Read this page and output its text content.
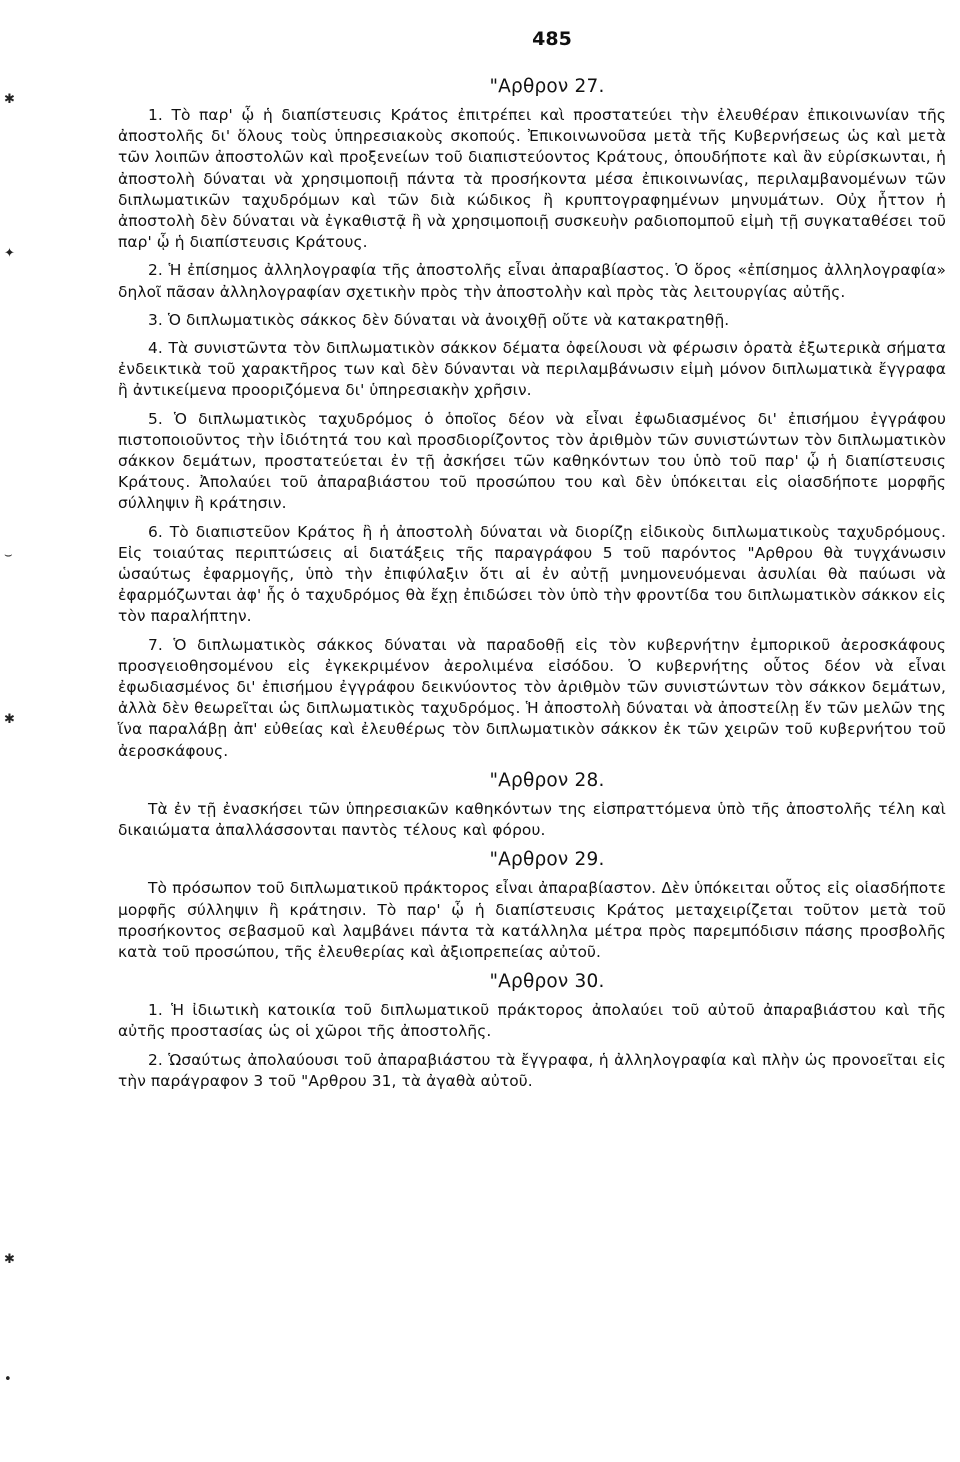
485
"Αρθρον 27.

1. Τὸ παρ' ᾧ ἡ διαπίστευσις Κράτος ἐπιτρέπει καὶ προστατεύει τὴν ἐλευθέραν ἐπικοινωνίαν τῆς ἀποστολῆς δι' ὅλους τοὺς ὑπηρεσιακοὺς σκοπούς. Ἐπικοινωνοῦσα μετὰ τῆς Κυβερνήσεως ὡς καὶ μετὰ τῶν λοιπῶν ἀποστολῶν καὶ προξενείων τοῦ διαπιστεύοντος Κράτους, ὁπουδήποτε καὶ ἂν εὑρίσκωνται, ἡ ἀποστολὴ δύναται νὰ χρησιμοποιῇ πάντα τὰ προσήκοντα μέσα ἐπικοινωνίας, περιλαμβανομένων τῶν διπλωματικῶν ταχυδρόμων καὶ τῶν διὰ κώδικος ἢ κρυπτογραφημένων μηνυμάτων. Οὐχ ἧττον ἡ ἀποστολὴ δὲν δύναται νὰ ἐγκαθιστᾷ ἢ νὰ χρησιμοποιῇ συσκευὴν ραδιοπομποῦ εἰμὴ τῇ συγκαταθέσει τοῦ παρ' ᾧ ἡ διαπίστευσις Κράτους.

2. Ἡ ἐπίσημος ἀλληλογραφία τῆς ἀποστολῆς εἶναι ἀπαραβίαστος. Ὁ ὅρος «ἐπίσημος ἀλληλογραφία» δηλοῖ πᾶσαν ἀλληλογραφίαν σχετικὴν πρὸς τὴν ἀποστολὴν καὶ πρὸς τὰς λειτουργίας αὐτῆς.

3. Ὁ διπλωματικὸς σάκκος δὲν δύναται νὰ ἀνοιχθῇ οὔτε νὰ κατακρατηθῇ.

4. Τὰ συνιστῶντα τὸν διπλωματικὸν σάκκον δέματα ὀφείλουσι νὰ φέρωσιν ὁρατὰ ἐξωτερικὰ σήματα ἐνδεικτικὰ τοῦ χαρακτῆρος των καὶ δὲν δύνανται νὰ περιλαμβάνωσιν εἰμὴ μόνον διπλωματικὰ ἔγγραφα ἢ ἀντικείμενα προοριζόμενα δι' ὑπηρεσιακὴν χρῆσιν.

5. Ὁ διπλωματικὸς ταχυδρόμος ὁ ὁποῖος δέον νὰ εἶναι ἐφωδιασμένος δι' ἐπισήμου ἐγγράφου πιστοποιοῦντος τὴν ἰδιότητά του καὶ προσδιορίζοντος τὸν ἀριθμὸν τῶν συνιστώντων τὸν διπλωματικὸν σάκκον δεμάτων, προστατεύεται ἐν τῇ ἀσκήσει τῶν καθηκόντων του ὑπὸ τοῦ παρ' ᾧ ἡ διαπίστευσις Κράτους. Ἀπολαύει τοῦ ἀπαραβιάστου τοῦ προσώπου του καὶ δὲν ὑπόκειται εἰς οἱασδήποτε μορφῆς σύλληψιν ἢ κράτησιν.

6. Τὸ διαπιστεῦον Κράτος ἢ ἡ ἀποστολὴ δύναται νὰ διορίζῃ εἰδικοὺς διπλωματικοὺς ταχυδρόμους. Εἰς τοιαύτας περιπτώσεις αἱ διατάξεις τῆς παραγράφου 5 τοῦ παρόντος "Αρθρου θὰ τυγχάνωσιν ὡσαύτως ἐφαρμογῆς, ὑπὸ τὴν ἐπιφύλαξιν ὅτι αἱ ἐν αὐτῇ μνημονευόμεναι ἀσυλίαι θὰ παύωσι νὰ ἐφαρμόζωνται ἀφ' ἧς ὁ ταχυδρόμος θὰ ἔχῃ ἐπιδώσει τὸν ὑπὸ τὴν φροντίδα του διπλωματικὸν σάκκον εἰς τὸν παραλήπτην.

7. Ὁ διπλωματικὸς σάκκος δύναται νὰ παραδοθῇ εἰς τὸν κυβερνήτην ἐμπορικοῦ ἀεροσκάφους προσγειοθησομένου εἰς ἐγκεκριμένον ἀερολιμένα εἰσόδου. Ὁ κυβερνήτης οὗτος δέον νὰ εἶναι ἐφωδιασμένος δι' ἐπισήμου ἐγγράφου δεικνύοντος τὸν ἀριθμὸν τῶν συνιστώντων τὸν σάκκον δεμάτων, ἀλλὰ δὲν θεωρεῖται ὡς διπλωματικὸς ταχυδρόμος. Ἡ ἀποστολὴ δύναται νὰ ἀποστείλῃ ἕν τῶν μελῶν της ἵνα παραλάβῃ ἀπ' εὐθείας καὶ ἐλευθέρως τὸν διπλωματικὸν σάκκον ἐκ τῶν χειρῶν τοῦ κυβερνήτου τοῦ ἀεροσκάφους.

"Αρθρον 28.

Τὰ ἐν τῇ ἐνασκήσει τῶν ὑπηρεσιακῶν καθηκόντων της εἰσπραττόμενα ὑπὸ τῆς ἀποστολῆς τέλη καὶ δικαιώματα ἀπαλλάσσονται παντὸς τέλους καὶ φόρου.

"Αρθρον 29.

Τὸ πρόσωπον τοῦ διπλωματικοῦ πράκτορος εἶναι ἀπαραβίαστον. Δὲν ὑπόκειται οὗτος εἰς οἱασδήποτε μορφῆς σύλληψιν ἢ κράτησιν. Τὸ παρ' ᾧ ἡ διαπίστευσις Κράτος μεταχειρίζεται τοῦτον μετὰ τοῦ προσήκοντος σεβασμοῦ καὶ λαμβάνει πάντα τὰ κατάλληλα μέτρα πρὸς παρεμπόδισιν πάσης προσβολῆς κατὰ τοῦ προσώπου, τῆς ἐλευθερίας καὶ ἀξιοπρεπείας αὐτοῦ.

"Αρθρον 30.

1. Ἡ ἰδιωτικὴ κατοικία τοῦ διπλωματικοῦ πράκτορος ἀπολαύει τοῦ αὐτοῦ ἀπαραβιάστου καὶ τῆς αὐτῆς προστασίας ὡς οἱ χῶροι τῆς ἀποστολῆς.

2. Ὡσαύτως ἀπολαύουσι τοῦ ἀπαραβιάστου τὰ ἔγγραφα, ἡ ἀλληλογραφία καὶ πλὴν ὡς προνοεῖται εἰς τὴν παράγραφον 3 τοῦ "Αρθρου 31, τὰ ἀγαθὰ αὐτοῦ.

✱
✦
⌣
✱
✱
•
